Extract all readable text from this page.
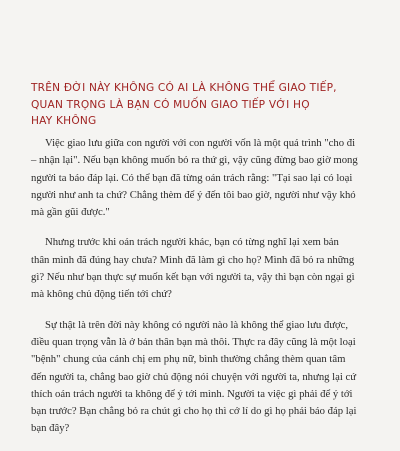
TRÊN ĐỜI NÀY KHÔNG CÓ AI LÀ KHÔNG THỂ GIAO TIẾP,
QUAN TRỌNG LÀ BẠN CÓ MUỐN GIAO TIẾP VỚI HỌ
HAY KHÔNG

Việc giao lưu giữa con người với con người vốn là một quá trình "cho đi
– nhận lại". Nếu bạn không muốn bỏ ra thứ gì, vậy cũng đừng bao giờ mong
người ta báo đáp lại. Có thể bạn đã từng oán trách rằng: "Tại sao lại có loại
người như anh ta chứ? Chẳng thèm để ý đến tôi bao giờ, người như vậy khó
mà gần gũi được."

Nhưng trước khi oán trách người khác, bạn có từng nghĩ lại xem bản
thân mình đã đúng hay chưa? Mình đã làm gì cho họ? Mình đã bỏ ra những
gì? Nếu như bạn thực sự muốn kết bạn với người ta, vậy thì bạn còn ngại gì
mà không chủ động tiến tới chứ?

Sự thật là trên đời này không có người nào là không thể giao lưu được,
điều quan trọng vẫn là ở bản thân bạn mà thôi. Thực ra đây cũng là một loại
"bệnh" chung của cánh chị em phụ nữ, bình thường chẳng thèm quan tâm
đến người ta, chẳng bao giờ chủ động nói chuyện với người ta, nhưng lại cứ
thích oán trách người ta không để ý tới mình. Người ta việc gì phải để ý tới
bạn trước? Bạn chẳng bỏ ra chút gì cho họ thì cớ lí do gì họ phải báo đáp lại
bạn đây?
